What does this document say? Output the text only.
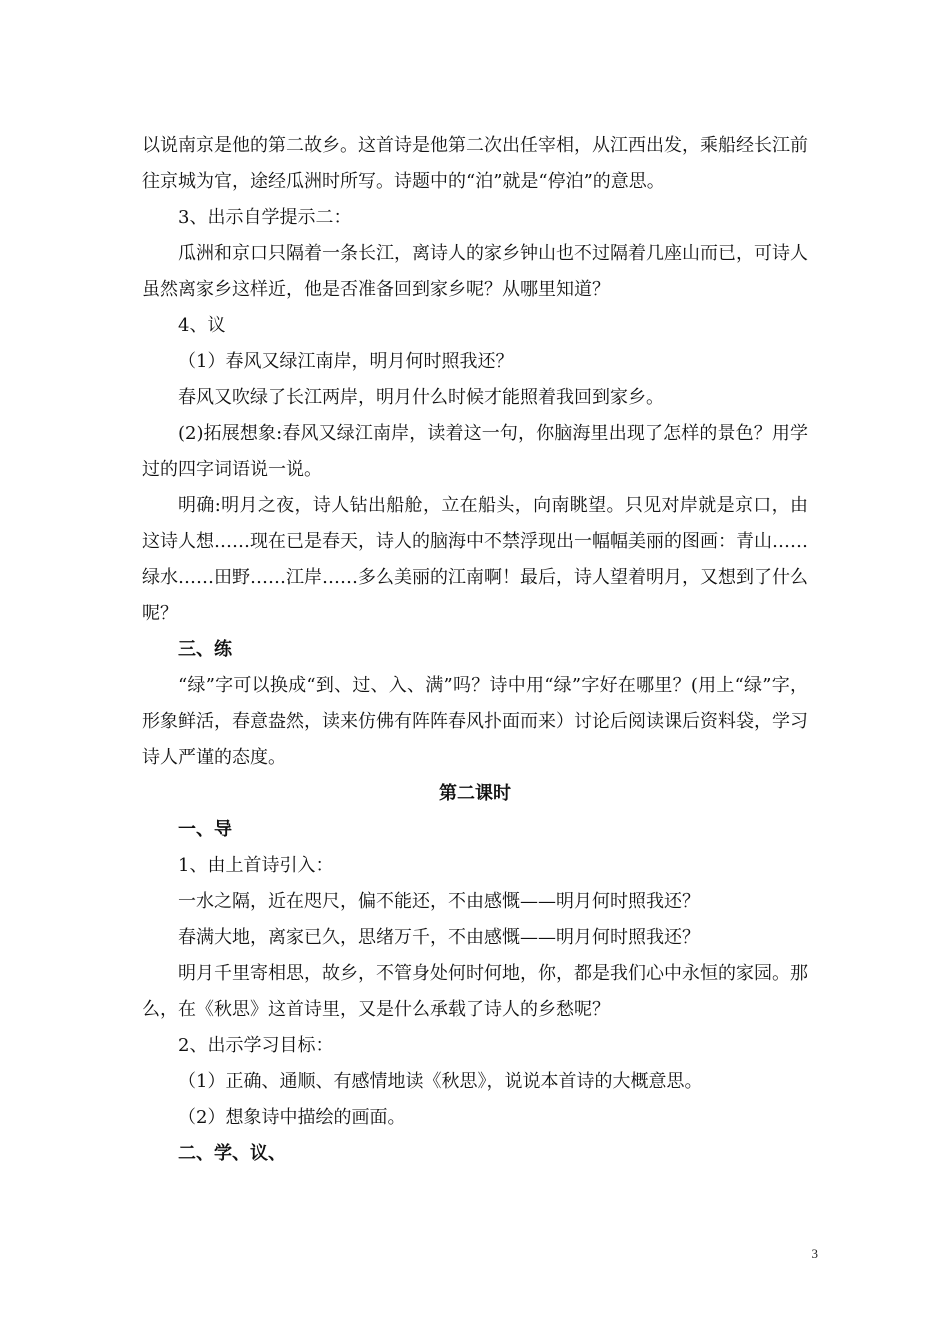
以说南京是他的第二故乡。这首诗是他第二次出任宰相，从江西出发，乘船经长江前往京城为官，途经瓜洲时所写。诗题中的“泊”就是“停泊”的意思。

3、出示自学提示二：

瓜洲和京口只隔着一条长江，离诗人的家乡钟山也不过隔着几座山而已，可诗人虽然离家乡这样近，他是否准备回到家乡呢？从哪里知道？

4、议

（1）春风又绿江南岸，明月何时照我还？

春风又吹绿了长江两岸，明月什么时候才能照着我回到家乡。

(2)拓展想象:春风又绿江南岸，读着这一句，你脑海里出现了怎样的景色？用学过的四字词语说一说。

明确:明月之夜，诗人钻出船舱，立在船头，向南眺望。只见对岸就是京口，由这诗人想……现在已是春天，诗人的脑海中不禁浮现出一幅幅美丽的图画：青山……绿水……田野……江岸……多么美丽的江南啊！最后，诗人望着明月，又想到了什么呢？

三、练

“绿”字可以换成“到、过、入、满”吗？诗中用“绿”字好在哪里？(用上“绿”字，形象鲜活，春意盎然，读来仿佛有阵阵春风扑面而来）讨论后阅读课后资料袋，学习诗人严谨的态度。

第二课时

一、导

1、由上首诗引入：

一水之隔，近在咫尺，偏不能还，不由感慨——明月何时照我还？

春满大地，离家已久，思绪万千，不由感慨——明月何时照我还？

明月千里寄相思，故乡，不管身处何时何地，你，都是我们心中永恒的家园。那么，在《秋思》这首诗里，又是什么承载了诗人的乡愁呢？

2、出示学习目标：

（1）正确、通顺、有感情地读《秋思》，说说本首诗的大概意思。

（2）想象诗中描绘的画面。

二、学、议、

3
